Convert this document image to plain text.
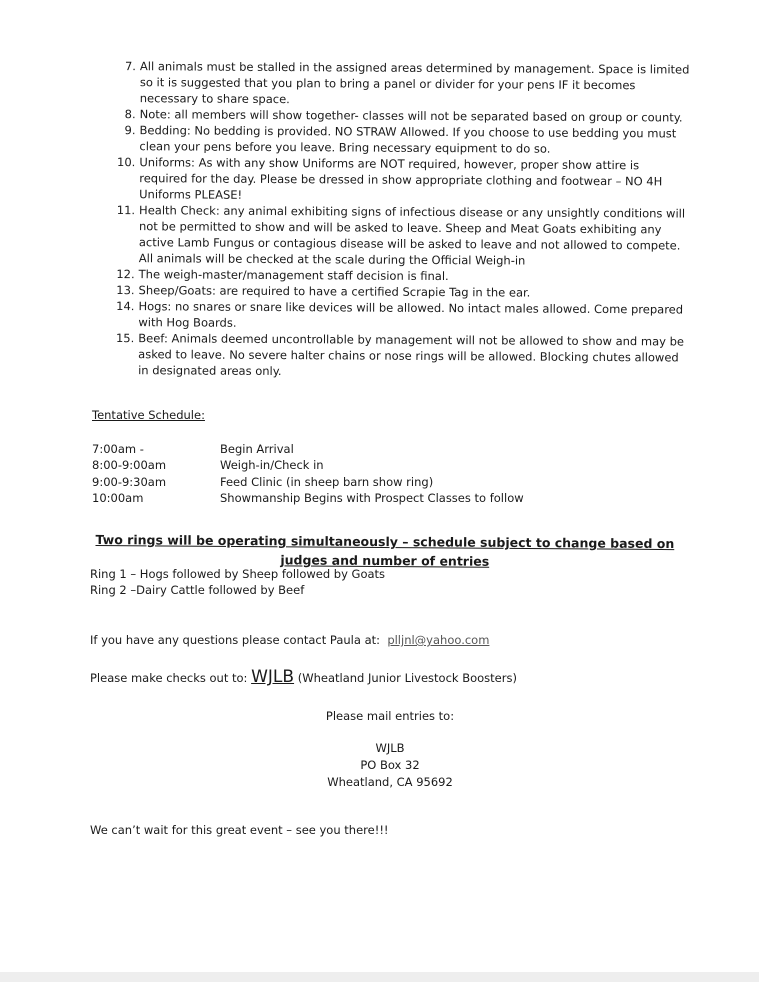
7. All animals must be stalled in the assigned areas determined by management. Space is limited so it is suggested that you plan to bring a panel or divider for your pens IF it becomes necessary to share space.
8. Note: all members will show together- classes will not be separated based on group or county.
9. Bedding: No bedding is provided. NO STRAW Allowed. If you choose to use bedding you must clean your pens before you leave. Bring necessary equipment to do so.
10. Uniforms: As with any show Uniforms are NOT required, however, proper show attire is required for the day. Please be dressed in show appropriate clothing and footwear – NO 4H Uniforms PLEASE!
11. Health Check: any animal exhibiting signs of infectious disease or any unsightly conditions will not be permitted to show and will be asked to leave. Sheep and Meat Goats exhibiting any active Lamb Fungus or contagious disease will be asked to leave and not allowed to compete. All animals will be checked at the scale during the Official Weigh-in
12. The weigh-master/management staff decision is final.
13. Sheep/Goats: are required to have a certified Scrapie Tag in the ear.
14. Hogs: no snares or snare like devices will be allowed. No intact males allowed. Come prepared with Hog Boards.
15. Beef: Animals deemed uncontrollable by management will not be allowed to show and may be asked to leave. No severe halter chains or nose rings will be allowed. Blocking chutes allowed in designated areas only.
Tentative Schedule:
7:00am -	Begin Arrival
8:00-9:00am	Weigh-in/Check in
9:00-9:30am	Feed Clinic (in sheep barn show ring)
10:00am	Showmanship Begins with Prospect Classes to follow
Two rings will be operating simultaneously – schedule subject to change based on judges and number of entries
Ring 1 – Hogs followed by Sheep followed by Goats
Ring 2 –Dairy Cattle followed by Beef
If you have any questions please contact Paula at: plljnl@yahoo.com
Please make checks out to: WJLB (Wheatland Junior Livestock Boosters)
Please mail entries to:
WJLB
PO Box 32
Wheatland, CA 95692
We can’t wait for this great event – see you there!!!
